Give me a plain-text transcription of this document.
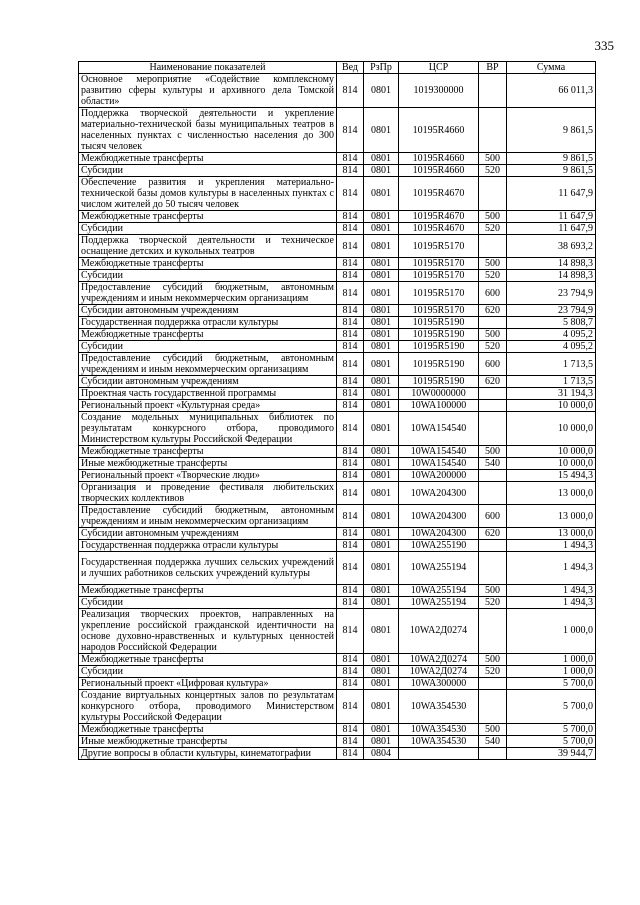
335
Наименование показателей	Вед	РзПр	ЦСР	ВР	Сумма
Основное мероприятие «Содействие комплексному развитию сферы культуры и архивного дела Томской области»	814	0801	1019300000		66 011,3
Поддержка творческой деятельности и укрепление материально-технической базы муниципальных театров в населенных пунктах с численностью населения до 300 тысяч человек	814	0801	10195R4660		9 861,5
Межбюджетные трансферты	814	0801	10195R4660	500	9 861,5
Субсидии	814	0801	10195R4660	520	9 861,5
Обеспечение развития и укрепления материально-технической базы домов культуры в населенных пунктах с числом жителей до 50 тысяч человек	814	0801	10195R4670		11 647,9
Межбюджетные трансферты	814	0801	10195R4670	500	11 647,9
Субсидии	814	0801	10195R4670	520	11 647,9
Поддержка творческой деятельности и техническое оснащение детских и кукольных театров	814	0801	10195R5170		38 693,2
Межбюджетные трансферты	814	0801	10195R5170	500	14 898,3
Субсидии	814	0801	10195R5170	520	14 898,3
Предоставление субсидий бюджетным, автономным учреждениям и иным некоммерческим организациям	814	0801	10195R5170	600	23 794,9
Субсидии автономным учреждениям	814	0801	10195R5170	620	23 794,9
Государственная поддержка отрасли культуры	814	0801	10195R5190		5 808,7
Межбюджетные трансферты	814	0801	10195R5190	500	4 095,2
Субсидии	814	0801	10195R5190	520	4 095,2
Предоставление субсидий бюджетным, автономным учреждениям и иным некоммерческим организациям	814	0801	10195R5190	600	1 713,5
Субсидии автономным учреждениям	814	0801	10195R5190	620	1 713,5
Проектная часть государственной программы	814	0801	10W0000000		31 194,3
Региональный проект «Культурная среда»	814	0801	10WA100000		10 000,0
Создание модельных муниципальных библиотек по результатам конкурсного отбора, проводимого Министерством культуры Российской Федерации	814	0801	10WA154540		10 000,0
Межбюджетные трансферты	814	0801	10WA154540	500	10 000,0
Иные межбюджетные трансферты	814	0801	10WA154540	540	10 000,0
Региональный проект «Творческие люди»	814	0801	10WA200000		15 494,3
Организация и проведение фестиваля любительских творческих коллективов	814	0801	10WA204300		13 000,0
Предоставление субсидий бюджетным, автономным учреждениям и иным некоммерческим организациям	814	0801	10WA204300	600	13 000,0
Субсидии автономным учреждениям	814	0801	10WA204300	620	13 000,0
Государственная поддержка отрасли культуры	814	0801	10WA255190		1 494,3
Государственная поддержка лучших сельских учреждений и лучших работников сельских учреждений культуры	814	0801	10WA255194		1 494,3
Межбюджетные трансферты	814	0801	10WA255194	500	1 494,3
Субсидии	814	0801	10WA255194	520	1 494,3
Реализация творческих проектов, направленных на укрепление российской гражданской идентичности на основе духовно-нравственных и культурных ценностей народов Российской Федерации	814	0801	10WA2Д0274		1 000,0
Межбюджетные трансферты	814	0801	10WA2Д0274	500	1 000,0
Субсидии	814	0801	10WA2Д0274	520	1 000,0
Региональный проект «Цифровая культура»	814	0801	10WA300000		5 700,0
Создание виртуальных концертных залов по результатам конкурсного отбора, проводимого Министерством культуры Российской Федерации	814	0801	10WA354530		5 700,0
Межбюджетные трансферты	814	0801	10WA354530	500	5 700,0
Иные межбюджетные трансферты	814	0801	10WA354530	540	5 700,0
Другие вопросы в области культуры, кинематографии	814	0804			39 944,7
